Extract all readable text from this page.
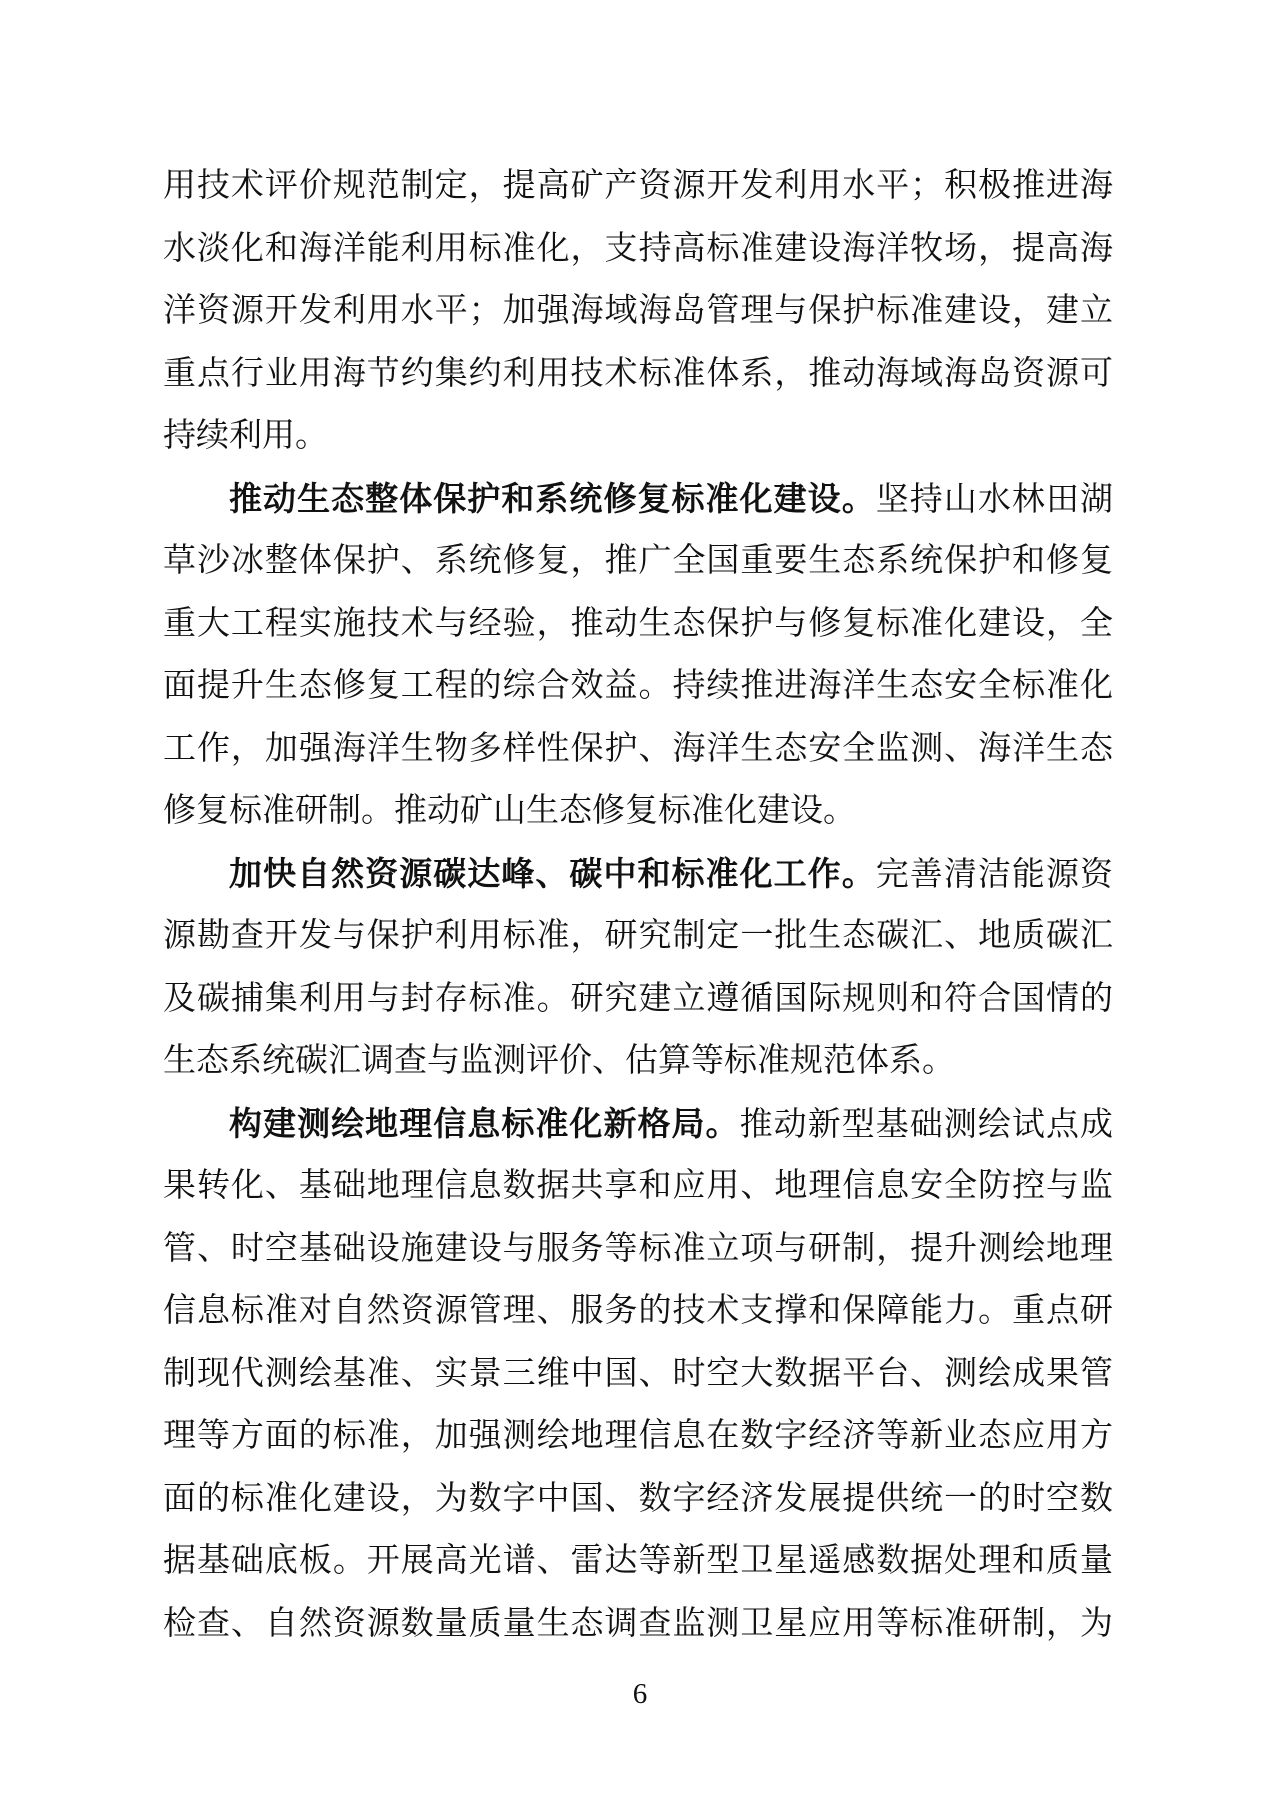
用技术评价规范制定，提高矿产资源开发利用水平；积极推进海
水淡化和海洋能利用标准化，支持高标准建设海洋牧场，提高海
洋资源开发利用水平；加强海域海岛管理与保护标准建设，建立
重点行业用海节约集约利用技术标准体系，推动海域海岛资源可
持续利用。
推动生态整体保护和系统修复标准化建设。坚持山水林田湖
草沙冰整体保护、系统修复，推广全国重要生态系统保护和修复
重大工程实施技术与经验，推动生态保护与修复标准化建设，全
面提升生态修复工程的综合效益。持续推进海洋生态安全标准化
工作，加强海洋生物多样性保护、海洋生态安全监测、海洋生态
修复标准研制。推动矿山生态修复标准化建设。
加快自然资源碳达峰、碳中和标准化工作。完善清洁能源资
源勘查开发与保护利用标准，研究制定一批生态碳汇、地质碳汇
及碳捕集利用与封存标准。研究建立遵循国际规则和符合国情的
生态系统碳汇调查与监测评价、估算等标准规范体系。
构建测绘地理信息标准化新格局。推动新型基础测绘试点成
果转化、基础地理信息数据共享和应用、地理信息安全防控与监
管、时空基础设施建设与服务等标准立项与研制，提升测绘地理
信息标准对自然资源管理、服务的技术支撑和保障能力。重点研
制现代测绘基准、实景三维中国、时空大数据平台、测绘成果管
理等方面的标准，加强测绘地理信息在数字经济等新业态应用方
面的标准化建设，为数字中国、数字经济发展提供统一的时空数
据基础底板。开展高光谱、雷达等新型卫星遥感数据处理和质量
检查、自然资源数量质量生态调查监测卫星应用等标准研制，为
6
